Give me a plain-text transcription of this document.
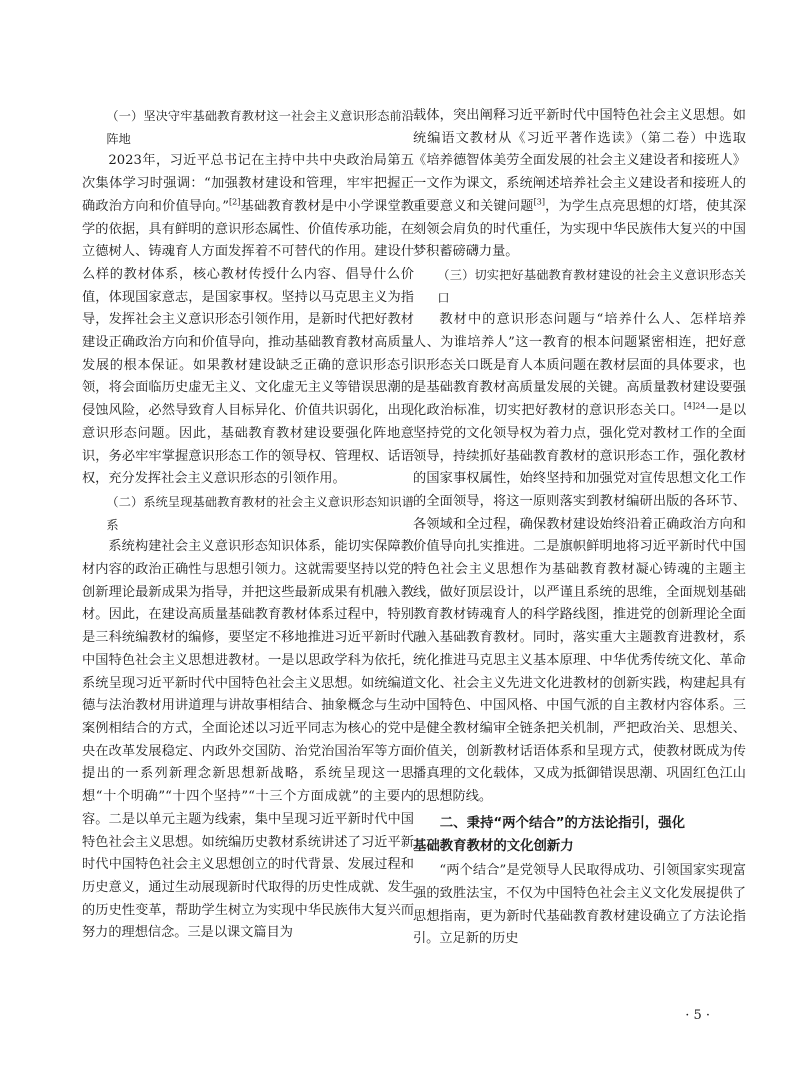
（一）坚决守牢基础教育教材这一社会主义意识形态前沿阵地

2023年，习近平总书记在主持中共中央政治局第五次集体学习时强调：“加强教材建设和管理，牢牢把握正确政治方向和价值导向。”[2]基础教育教材是中小学课堂教学的依据，具有鲜明的意识形态属性、价值传承功能，在立德树人、铸魂育人方面发挥着不可替代的作用。建设什么样的教材体系，核心教材传授什么内容、倡导什么价值，体现国家意志，是国家事权。坚持以马克思主义为指导，发挥社会主义意识形态引领作用，是新时代把好教材建设正确政治方向和价值导向，推动基础教育教材高质量发展的根本保证。如果教材建设缺乏正确的意识形态引领，将会面临历史虚无主义、文化虚无主义等错误思潮的侵蚀风险，必然导致育人目标异化、价值共识弱化，出现意识形态问题。因此，基础教育教材建设要强化阵地意识，务必牢牢掌握意识形态工作的领导权、管理权、话语权，充分发挥社会主义意识形态的引领作用。

（二）系统呈现基础教育教材的社会主义意识形态知识谱系

系统构建社会主义意识形态知识体系，能切实保障教材内容的政治正确性与思想引领力。这就需要坚持以党的创新理论最新成果为指导，并把这些最新成果有机融入教材。因此，在建设高质量基础教育教材体系过程中，特别是三科统编教材的编修，要坚定不移地推进习近平新时代中国特色社会主义思想进教材。一是以思政学科为依托，系统呈现习近平新时代中国特色社会主义思想。如统编道德与法治教材用讲道理与讲故事相结合、抽象概念与生动案例相结合的方式，全面论述以习近平同志为核心的党中央在改革发展稳定、内政外交国防、治党治国治军等方面提出的一系列新理念新思想新战略，系统呈现这一思想“十个明确”“十四个坚持”“十三个方面成就”的主要内容。二是以单元主题为线索，集中呈现习近平新时代中国特色社会主义思想。如统编历史教材系统讲述了习近平新时代中国特色社会主义思想创立的时代背景、发展过程和历史意义，通过生动展现新时代取得的历史性成就、发生的历史性变革，帮助学生树立为实现中华民族伟大复兴而努力的理想信念。三是以课文篇目为

载体，突出阐释习近平新时代中国特色社会主义思想。如统编语文教材从《习近平著作选读》（第二卷）中选取《培养德智体美劳全面发展的社会主义建设者和接班人》一文作为课文，系统阐述培养社会主义建设者和接班人的重要意义和关键问题[3]，为学生点亮思想的灯塔，使其深刻领会肩负的时代重任，为实现中华民族伟大复兴的中国梦积蓄磅礴力量。

（三）切实把好基础教育教材建设的社会主义意识形态关口

教材中的意识形态问题与“培养什么人、怎样培养人、为谁培养人”这一教育的根本问题紧密相连，把好意识形态关口既是育人本质问题在教材层面的具体要求，也是基础教育教材高质量发展的关键。高质量教材建设要强化政治标准，切实把好教材的意识形态关口。$^{[4]24}$一是以坚持党的文化领导权为着力点，强化党对教材工作的全面领导，持续抓好基础教育教材的意识形态工作，强化教材的国家事权属性，始终坚持和加强党对宣传思想文化工作的全面领导，将这一原则落实到教材编研出版的各环节、各领域和全过程，确保教材建设始终沿着正确政治方向和价值导向扎实推进。二是旗帜鲜明地将习近平新时代中国特色社会主义思想作为基础教育教材凝心铸魂的主题主线，做好顶层设计，以严谨且系统的思维，全面规划基础教育教材铸魂育人的科学路线图，推进党的创新理论全面融入基础教育教材。同时，落实重大主题教育进教材，系统化推进马克思主义基本原理、中华优秀传统文化、革命文化、社会主义先进文化进教材的创新实践，构建起具有中国特色、中国风格、中国气派的自主教材内容体系。三是健全教材编审全链条把关机制，严把政治关、思想关、价值关，创新教材话语体系和呈现方式，使教材既成为传播真理的文化载体，又成为抵御错误思潮、巩固红色江山的思想防线。

二、秉持“两个结合”的方法论指引，强化
基础教育教材的文化创新力

“两个结合”是党领导人民取得成功、引领国家实现富强的致胜法宝，不仅为中国特色社会主义文化发展提供了思想指南，更为新时代基础教育教材建设确立了方法论指引。立足新的历史

· 5 ·
